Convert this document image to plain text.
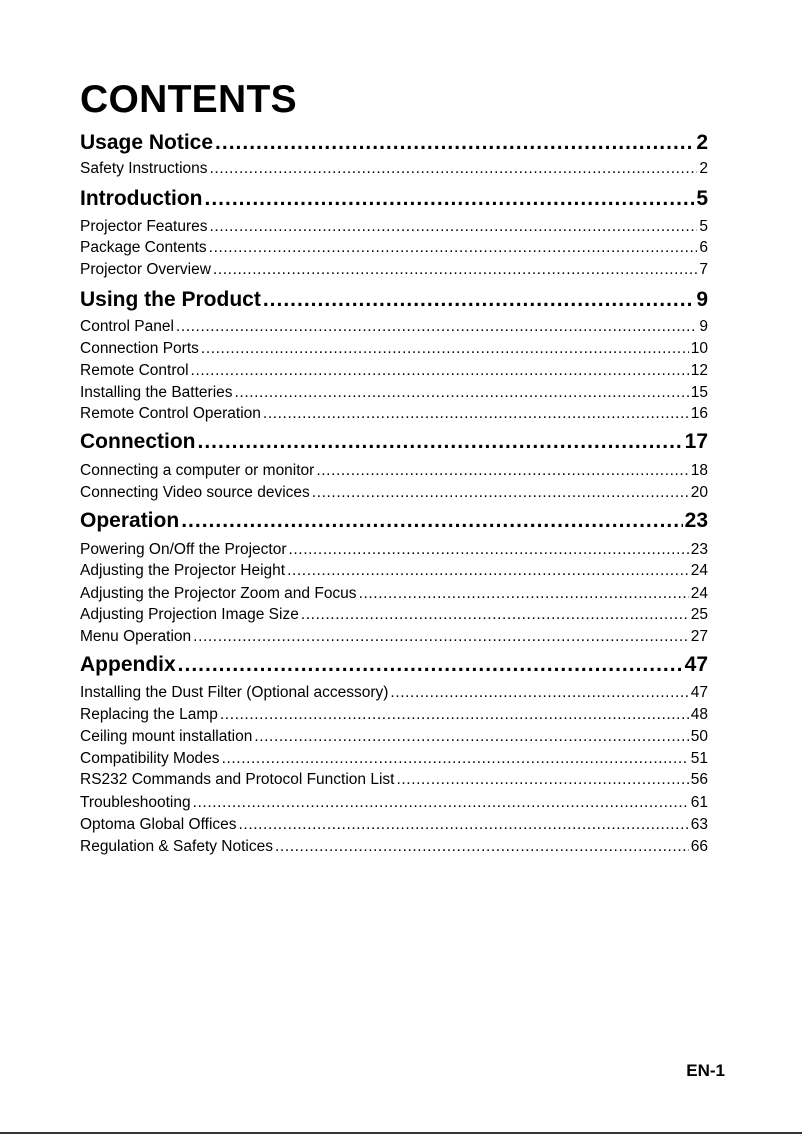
CONTENTS
Usage Notice .....	2
Safety Instructions .....	2
Introduction .....	5
Projector Features .....	5
Package Contents .....	6
Projector Overview .....	7
Using the Product .....	9
Control Panel .....	9
Connection Ports .....	10
Remote Control .....	12
Installing the Batteries .....	15
Remote Control Operation .....	16
Connection .....	17
Connecting a computer or monitor .....	18
Connecting Video source devices .....	20
Operation .....	23
Powering On/Off the Projector .....	23
Adjusting the Projector Height .....	24
Adjusting the Projector Zoom and Focus .....	24
Adjusting Projection Image Size .....	25
Menu Operation .....	27
Appendix .....	47
Installing the Dust Filter (Optional accessory) .....	47
Replacing the Lamp .....	48
Ceiling mount installation .....	50
Compatibility Modes .....	51
RS232 Commands and Protocol Function List .....	56
Troubleshooting .....	61
Optoma Global Offices .....	63
Regulation & Safety Notices .....	66
EN-1
